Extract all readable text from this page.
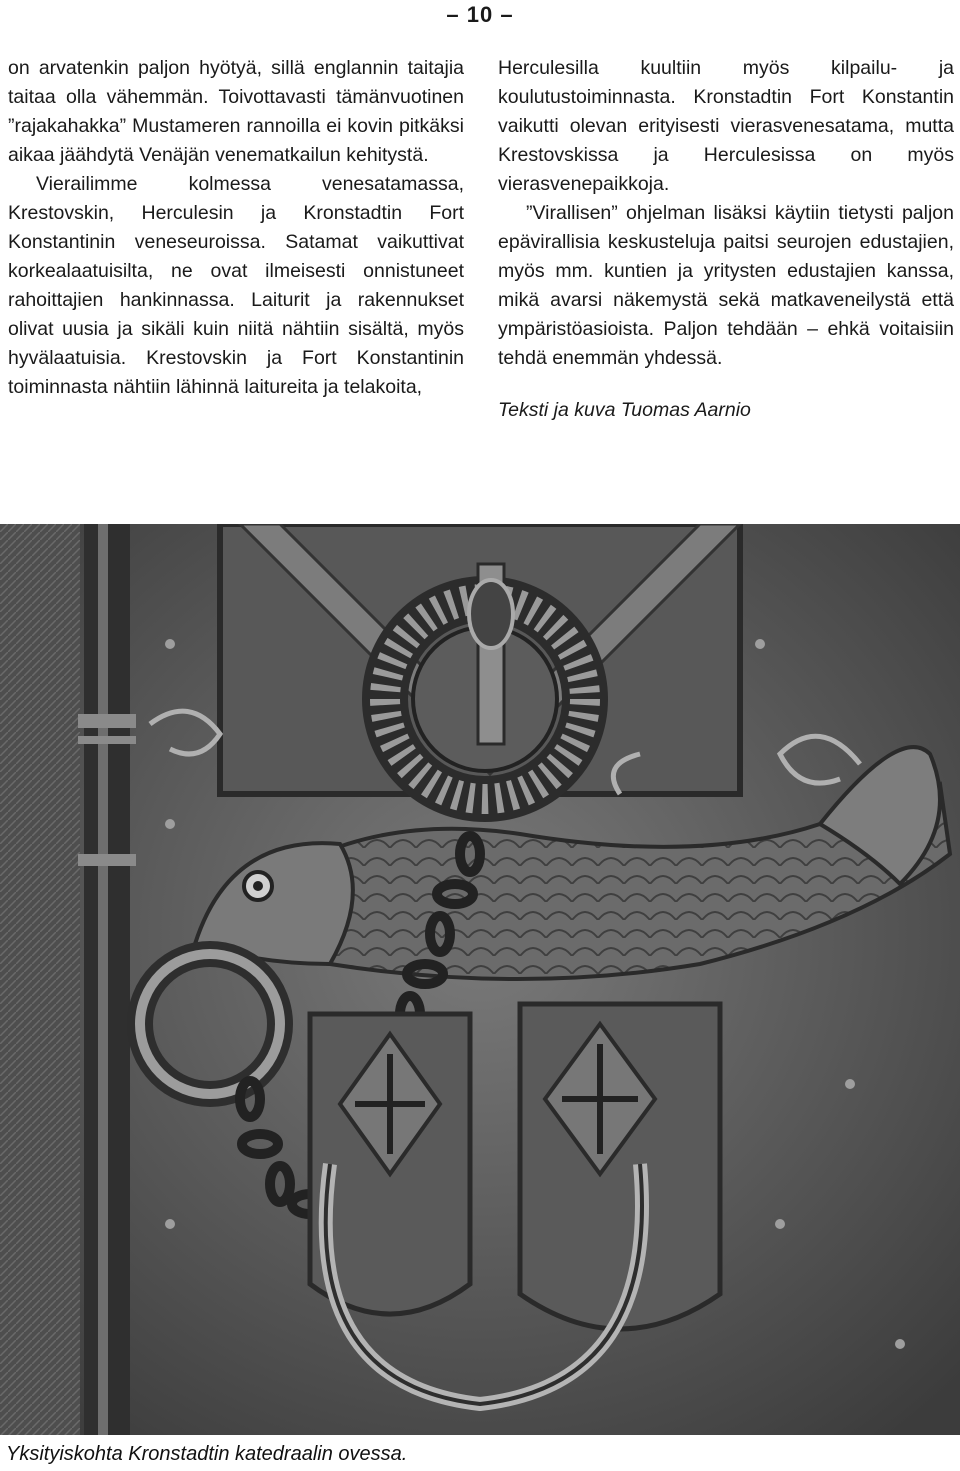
– 10 –

on arvatenkin paljon hyötyä, sillä englannin taitajia taitaa olla vähemmän. Toivottavasti tämänvuotinen ”rajakahakka” Mustameren rannoilla ei kovin pitkäksi aikaa jäähdytä Venäjän venematkailun kehitystä.

Vierailimme kolmessa venesatamassa, Krestovskin, Herculesin ja Kronstadtin Fort Konstantinin veneseuroissa. Satamat vaikuttivat korkealaatuisilta, ne ovat ilmeisesti onnistuneet rahoittajien hankinnassa. Laiturit ja rakennukset olivat uusia ja sikäli kuin niitä nähtiin sisältä, myös hyvälaatuisia. Krestovskin ja Fort Konstantinin toiminnasta nähtiin lähinnä laitureita ja telakoita,

Herculesilla kuultiin myös kilpailu- ja koulutustoiminnasta. Kronstadtin Fort Konstantin vaikutti olevan erityisesti vierasvenesatama, mutta Krestovskissa ja Herculesissa on myös vierasvenepaikkoja.

”Virallisen” ohjelman lisäksi käytiin tietysti paljon epävirallisia keskusteluja paitsi seurojen edustajien, myös mm. kuntien ja yritysten edustajien kanssa, mikä avarsi näkemystä sekä matkaveneilystä että ympäristöasioista. Paljon tehdään – ehkä voitaisiin tehdä enemmän yhdessä.

Teksti ja kuva Tuomas Aarnio

Yksityiskohta Kronstadtin katedraalin ovessa.
